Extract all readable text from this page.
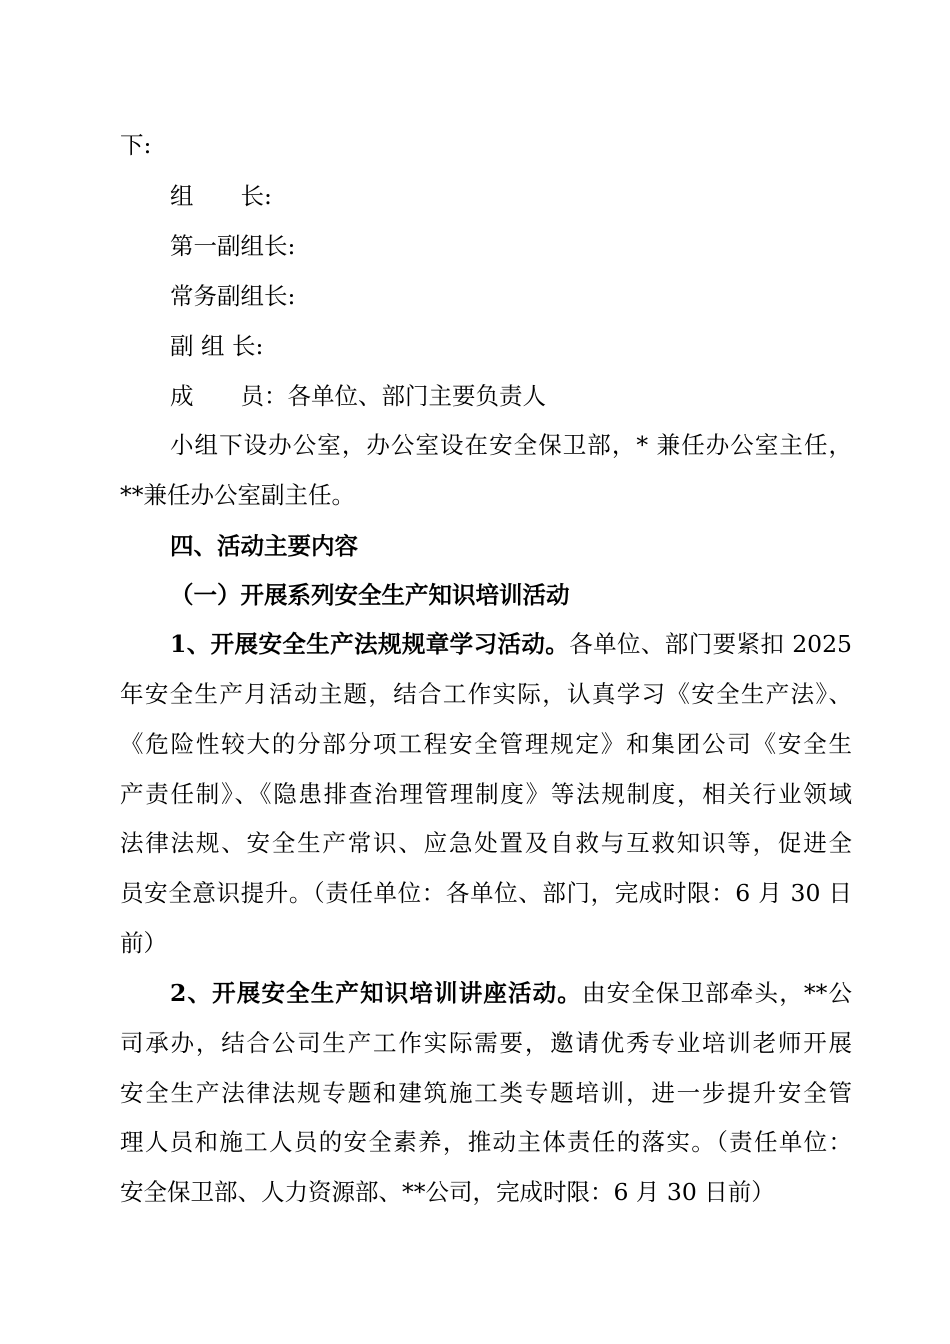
下:
组　　长:
第一副组长:
常务副组长:
副 组 长:
成　　员：各单位、部门主要负责人
小组下设办公室，办公室设在安全保卫部，* 兼任办公室主任，
**兼任办公室副主任。
四、活动主要内容
（一）开展系列安全生产知识培训活动
1、开展安全生产法规规章学习活动。各单位、部门要紧扣 2025
年安全生产月活动主题，结合工作实际，认真学习《安全生产法》、
《危险性较大的分部分项工程安全管理规定》和集团公司《安全生
产责任制》、《隐患排查治理管理制度》等法规制度，相关行业领域
法律法规、安全生产常识、应急处置及自救与互救知识等，促进全
员安全意识提升。（责任单位：各单位、部门，完成时限：6 月 30 日
前）
2、开展安全生产知识培训讲座活动。由安全保卫部牵头，**公
司承办，结合公司生产工作实际需要，邀请优秀专业培训老师开展
安全生产法律法规专题和建筑施工类专题培训，进一步提升安全管
理人员和施工人员的安全素养，推动主体责任的落实。（责任单位：
安全保卫部、人力资源部、**公司，完成时限：6 月 30 日前）
